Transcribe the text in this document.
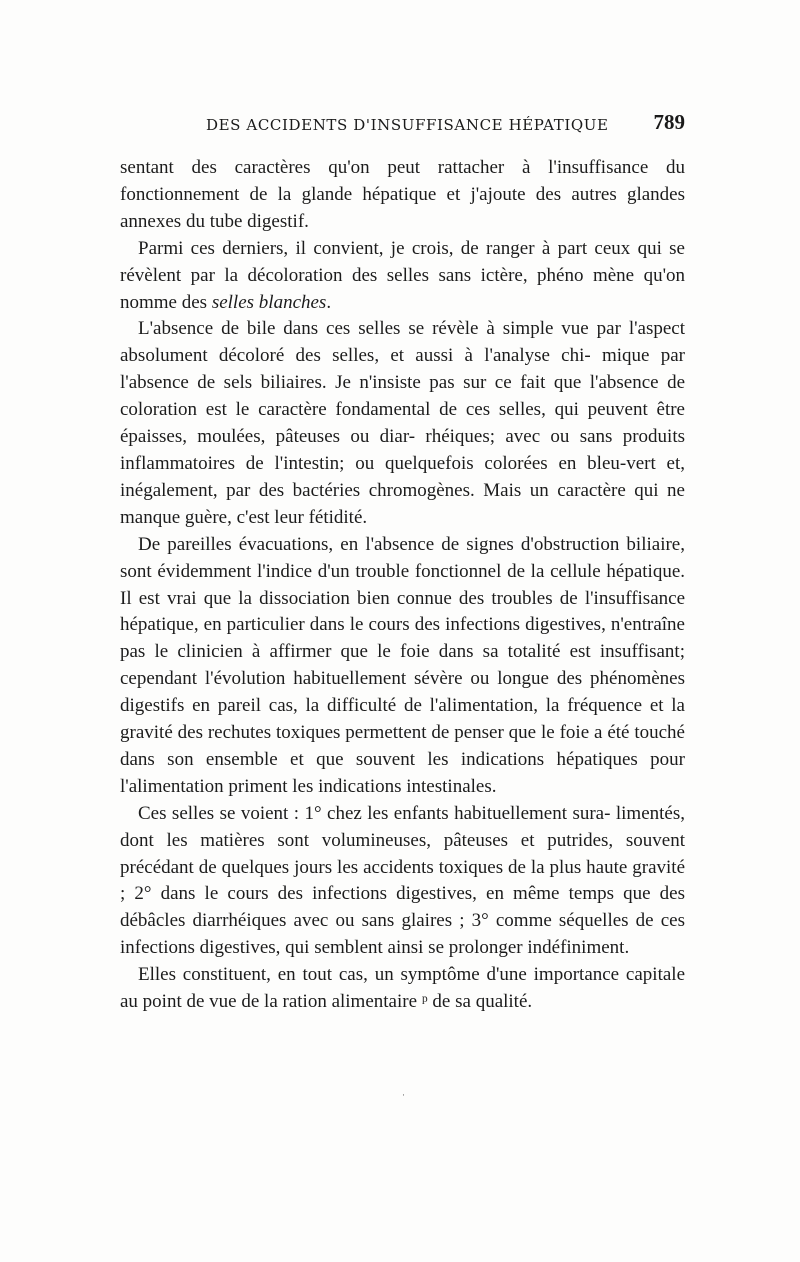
DES ACCIDENTS D'INSUFFISANCE HÉPATIQUE 789

sentant des caractères qu'on peut rattacher à l'insuffisance du fonctionnement de la glande hépatique et j'ajoute des autres glandes annexes du tube digestif.

Parmi ces derniers, il convient, je crois, de ranger à part ceux qui se révèlent par la décoloration des selles sans ictère, phéno mène qu'on nomme des selles blanches.

L'absence de bile dans ces selles se révèle à simple vue par l'aspect absolument décoloré des selles, et aussi à l'analyse chi- mique par l'absence de sels biliaires. Je n'insiste pas sur ce fait que l'absence de coloration est le caractère fondamental de ces selles, qui peuvent être épaisses, moulées, pâteuses ou diar- rhéiques; avec ou sans produits inflammatoires de l'intestin; ou quelquefois colorées en bleu-vert et, inégalement, par des bactéries chromogènes. Mais un caractère qui ne manque guère, c'est leur fétidité.

De pareilles évacuations, en l'absence de signes d'obstruction biliaire, sont évidemment l'indice d'un trouble fonctionnel de la cellule hépatique. Il est vrai que la dissociation bien connue des troubles de l'insuffisance hépatique, en particulier dans le cours des infections digestives, n'entraîne pas le clinicien à affirmer que le foie dans sa totalité est insuffisant; cependant l'évolution habituellement sévère ou longue des phénomènes digestifs en pareil cas, la difficulté de l'alimentation, la fréquence et la gravité des rechutes toxiques permettent de penser que le foie a été touché dans son ensemble et que souvent les indications hépatiques pour l'alimentation priment les indications intestinales.

Ces selles se voient : 1° chez les enfants habituellement sura- limentés, dont les matières sont volumineuses, pâteuses et putrides, souvent précédant de quelques jours les accidents toxiques de la plus haute gravité ; 2° dans le cours des infections digestives, en même temps que des débâcles diarrhéiques avec ou sans glaires ; 3° comme séquelles de ces infections digestives, qui semblent ainsi se prolonger indéfiniment.

Elles constituent, en tout cas, un symptôme d'une importance capitale au point de vue de la ration alimentaire ᵖ de sa qualité.

·
